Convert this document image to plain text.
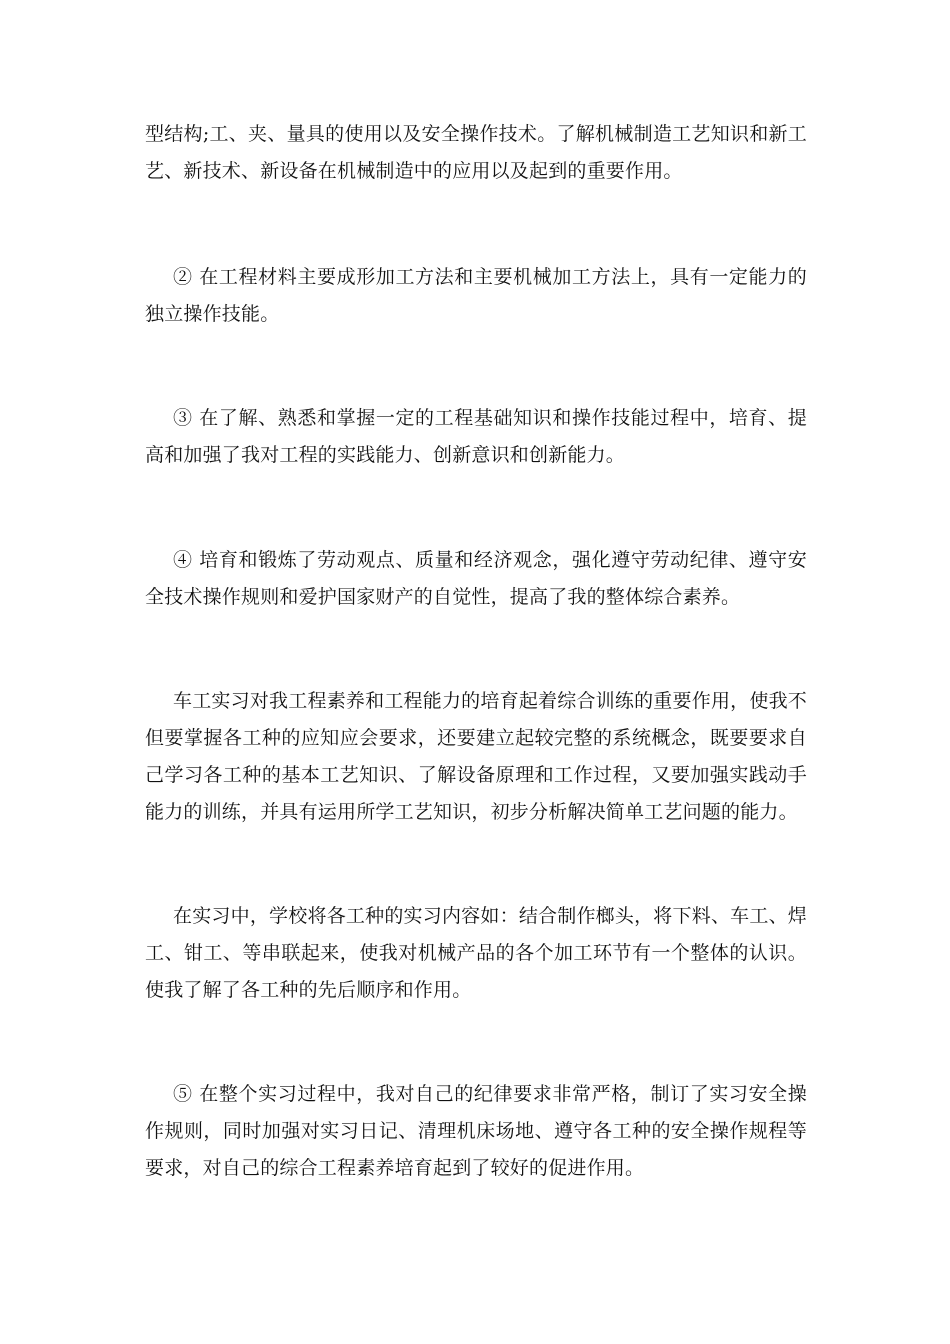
型结构;工、夹、量具的使用以及安全操作技术。了解机械制造工艺知识和新工艺、新技术、新设备在机械制造中的应用以及起到的重要作用。

② 在工程材料主要成形加工方法和主要机械加工方法上，具有一定能力的独立操作技能。

③ 在了解、熟悉和掌握一定的工程基础知识和操作技能过程中，培育、提高和加强了我对工程的实践能力、创新意识和创新能力。

④ 培育和锻炼了劳动观点、质量和经济观念，强化遵守劳动纪律、遵守安全技术操作规则和爱护国家财产的自觉性，提高了我的整体综合素养。

车工实习对我工程素养和工程能力的培育起着综合训练的重要作用，使我不但要掌握各工种的应知应会要求，还要建立起较完整的系统概念，既要要求自己学习各工种的基本工艺知识、了解设备原理和工作过程，又要加强实践动手能力的训练，并具有运用所学工艺知识，初步分析解决简单工艺问题的能力。

在实习中，学校将各工种的实习内容如：结合制作榔头，将下料、车工、焊工、钳工、等串联起来，使我对机械产品的各个加工环节有一个整体的认识。使我了解了各工种的先后顺序和作用。

⑤ 在整个实习过程中，我对自己的纪律要求非常严格，制订了实习安全操作规则，同时加强对实习日记、清理机床场地、遵守各工种的安全操作规程等要求，对自己的综合工程素养培育起到了较好的促进作用。
